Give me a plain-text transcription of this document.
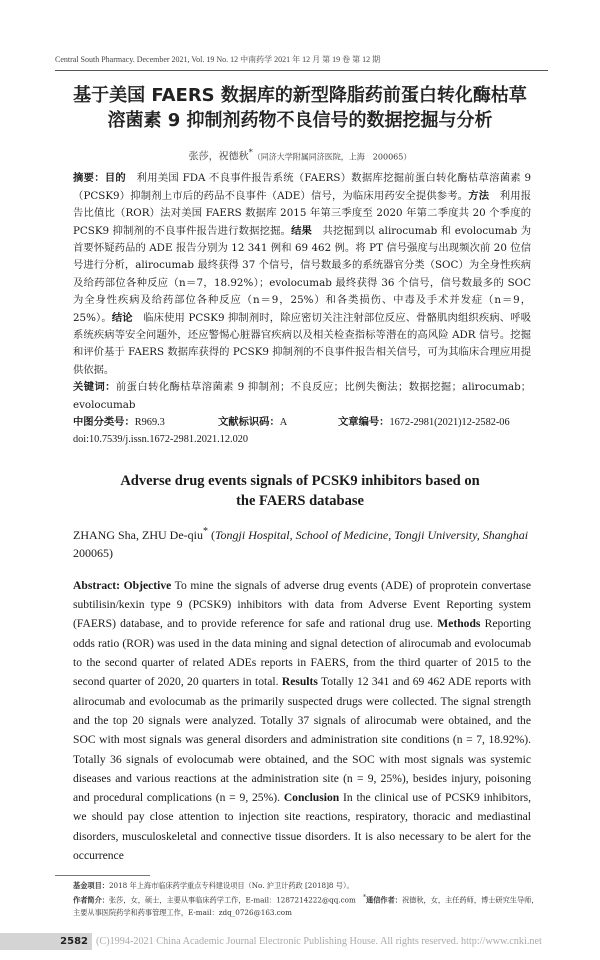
Central South Pharmacy. December 2021, Vol. 19 No. 12 中南药学 2021 年 12 月 第 19 卷 第 12 期
基于美国 FAERS 数据库的新型降脂药前蛋白转化酶枯草
溶菌素 9 抑制剂药物不良信号的数据挖掘与分析
张莎，祝德秋*（同济大学附属同济医院，上海　200065）
摘要：目的　利用美国 FDA 不良事件报告系统（FAERS）数据库挖掘前蛋白转化酶枯草溶菌素 9（PCSK9）抑制剂上市后的药品不良事件（ADE）信号，为临床用药安全提供参考。方法　利用报告比值比（ROR）法对美国 FAERS 数据库 2015 年第三季度至 2020 年第二季度共 20 个季度的 PCSK9 抑制剂的不良事件报告进行数据挖掘。结果　共挖掘到以 alirocumab 和 evolocumab 为首要怀疑药品的 ADE 报告分别为 12 341 例和 69 462 例。将 PT 信号强度与出现频次前 20 位信号进行分析，alirocumab 最终获得 37 个信号，信号数最多的系统器官分类（SOC）为全身性疾病及给药部位各种反应（n＝7，18.92%）；evolocumab 最终获得 36 个信号，信号数最多的 SOC 为全身性疾病及给药部位各种反应（n＝9，25%）和各类损伤、中毒及手术并发症（n＝9，25%）。结论　临床使用 PCSK9 抑制剂时，除应密切关注注射部位反应、骨骼肌肉组织疾病、呼吸系统疾病等安全问题外，还应警惕心脏器官疾病以及相关检查指标等潜在的高风险 ADR 信号。挖掘和评价基于 FAERS 数据库获得的 PCSK9 抑制剂的不良事件报告相关信号，可为其临床合理应用提供依据。
关键词：前蛋白转化酶枯草溶菌素 9 抑制剂；不良反应；比例失衡法；数据挖掘；alirocumab；evolocumab
中图分类号：R969.3	文献标识码：A	文章编号：1672-2981(2021)12-2582-06
doi:10.7539/j.issn.1672-2981.2021.12.020
Adverse drug events signals of PCSK9 inhibitors based on
the FAERS database
ZHANG Sha, ZHU De-qiu* (Tongji Hospital, School of Medicine, Tongji University, Shanghai
200065)
Abstract: Objective To mine the signals of adverse drug events (ADE) of proprotein convertase subtilisin/kexin type 9 (PCSK9) inhibitors with data from Adverse Event Reporting system (FAERS) database, and to provide reference for safe and rational drug use. Methods Reporting odds ratio (ROR) was used in the data mining and signal detection of alirocumab and evolocumab to the second quarter of related ADEs reports in FAERS, from the third quarter of 2015 to the second quarter of 2020, 20 quarters in total. Results Totally 12 341 and 69 462 ADE reports with alirocumab and evolocumab as the primarily suspected drugs were collected. The signal strength and the top 20 signals were analyzed. Totally 37 signals of alirocumab were obtained, and the SOC with most signals was general disorders and administration site conditions (n = 7, 18.92%). Totally 36 signals of evolocumab were obtained, and the SOC with most signals was systemic diseases and various reactions at the administration site (n = 9, 25%), besides injury, poisoning and procedural complications (n = 9, 25%). Conclusion In the clinical use of PCSK9 inhibitors, we should pay close attention to injection site reactions, respiratory, thoracic and mediastinal disorders, musculoskeletal and connective tissue disorders. It is also necessary to be alert for the occurrence
基金项目：2018 年上海市临床药学重点专科建设项目（No. 沪卫计药政 [2018]8 号）。
作者简介：张莎，女，硕士，主要从事临床药学工作，E-mail：1287214222@qq.com　 *通信作者：祝德秋，女，主任药师，博士研究生导师，主要从事医院药学和药事管理工作，E-mail：zdq_0726@163.com
2582 (C)1994-2021 China Academic Journal Electronic Publishing House. All rights reserved. http://www.cnki.net
